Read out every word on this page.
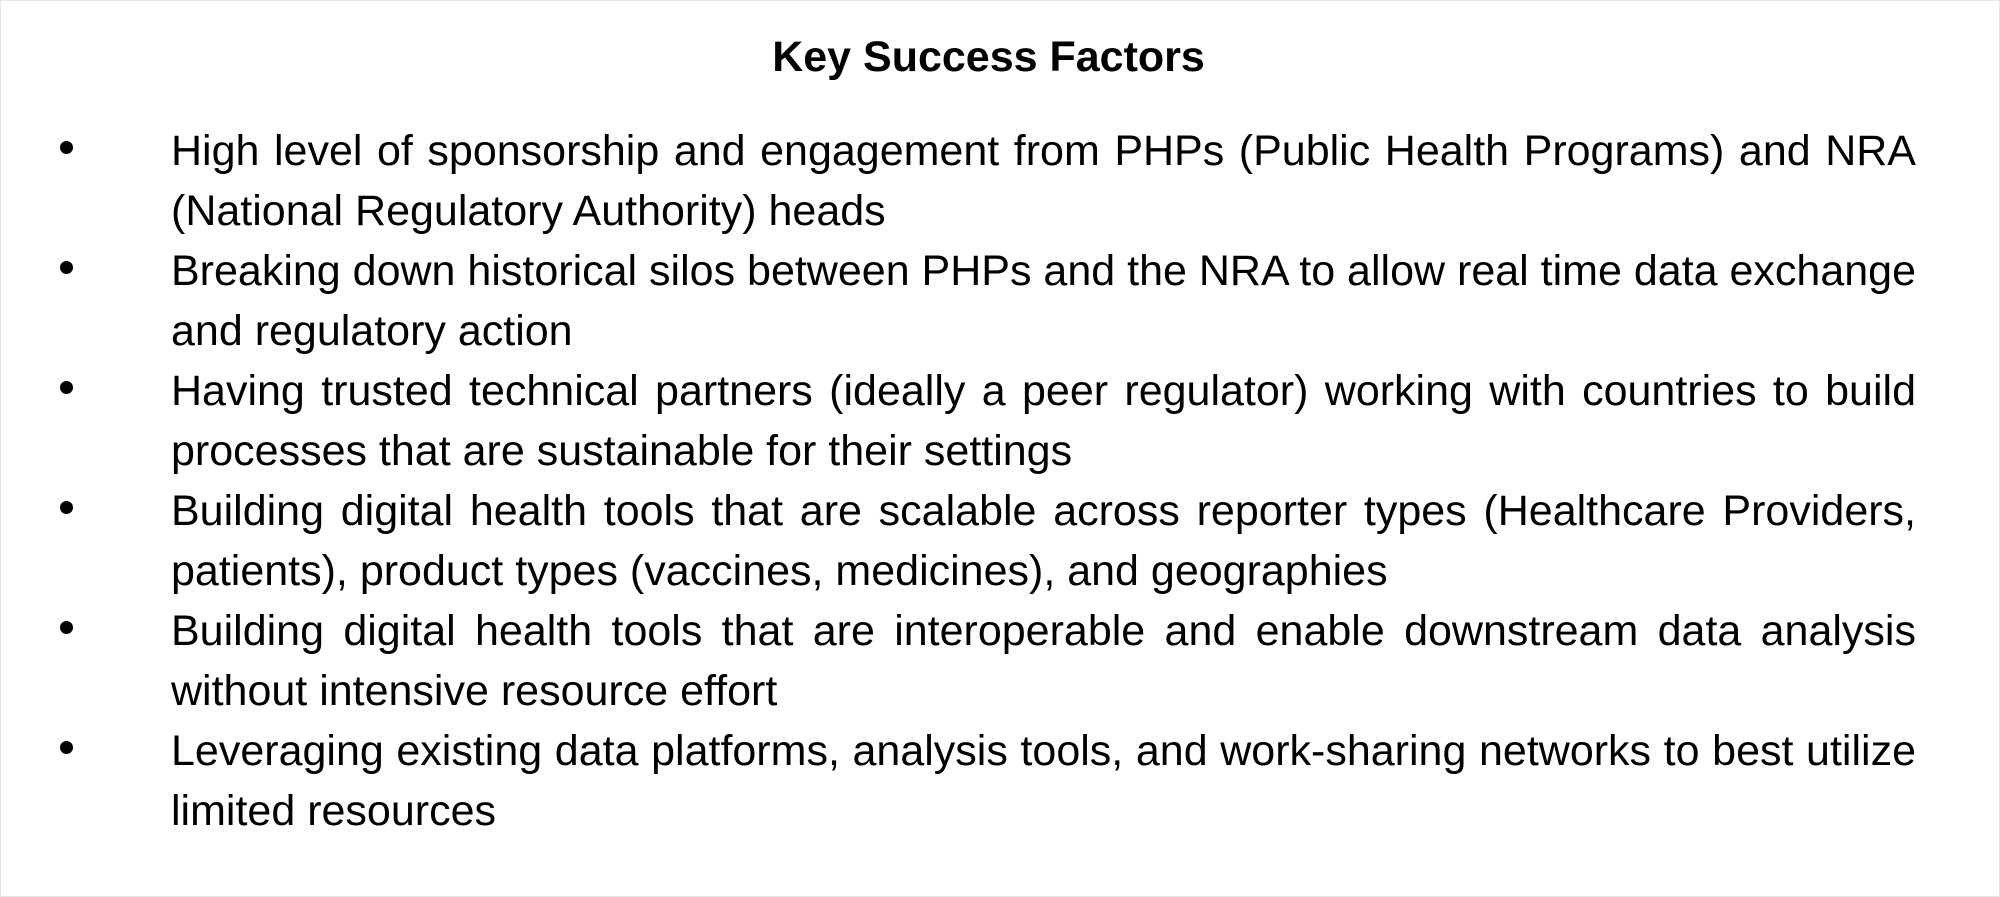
Key Success Factors

High level of sponsorship and engagement from PHPs (Public Health Programs) and NRA (National Regulatory Authority) heads

Breaking down historical silos between PHPs and the NRA to allow real time data exchange and regulatory action

Having trusted technical partners (ideally a peer regulator) working with countries to build processes that are sustainable for their settings

Building digital health tools that are scalable across reporter types (Healthcare Providers, patients), product types (vaccines, medicines), and geographies

Building digital health tools that are interoperable and enable downstream data analysis without intensive resource effort

Leveraging existing data platforms, analysis tools, and work-sharing networks to best utilize limited resources
